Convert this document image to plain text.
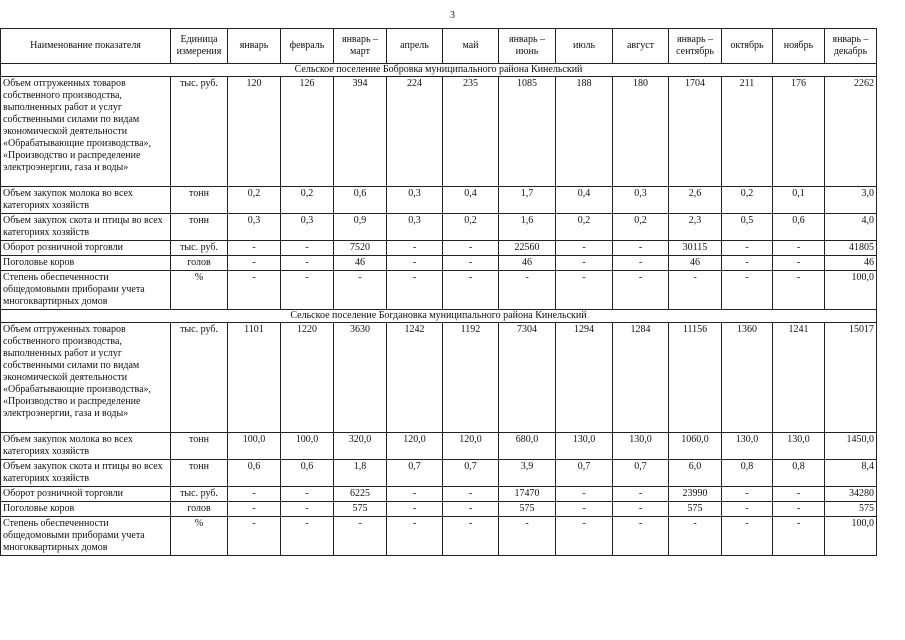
3
Наименование показателя	Единица измерения	январь	февраль	январь – март	апрель	май	январь – июнь	июль	август	январь – сентябрь	октябрь	ноябрь	январь – декабрь
Сельское поселение Бобровка муниципального района Кинельский													
Объем отгруженных товаров собственного производства, выполненных работ и услуг собственными силами по видам экономической деятельности «Обрабатывающие производства», «Производство и распределение электроэнергии, газа и воды»	тыс. руб.	120	126	394	224	235	1085	188	180	1704	211	176	2262
Объем закупок молока во всех категориях хозяйств	тонн	0,2	0,2	0,6	0,3	0,4	1,7	0,4	0,3	2,6	0,2	0,1	3,0
Объем закупок скота и птицы во всех категориях хозяйств	тонн	0,3	0,3	0,9	0,3	0,2	1,6	0,2	0,2	2,3	0,5	0,6	4,0
Оборот розничной торговли	тыс. руб.	-	-	7520	-	-	22560	-	-	30115	-	-	41805
Поголовье коров	голов	-	-	46	-	-	46	-	-	46	-	-	46
Степень обеспеченности общедомовыми приборами учета многоквартирных домов	%	-	-	-	-	-	-	-	-	-	-	-	100,0
Сельское поселение Богдановка муниципального района Кинельский													
Объем отгруженных товаров собственного производства, выполненных работ и услуг собственными силами по видам экономической деятельности «Обрабатывающие производства», «Производство и распределение электроэнергии, газа и воды»	тыс. руб.	1101	1220	3630	1242	1192	7304	1294	1284	11156	1360	1241	15017
Объем закупок молока во всех категориях хозяйств	тонн	100,0	100,0	320,0	120,0	120,0	680,0	130,0	130,0	1060,0	130,0	130,0	1450,0
Объем закупок скота и птицы во всех категориях хозяйств	тонн	0,6	0,6	1,8	0,7	0,7	3,9	0,7	0,7	6,0	0,8	0,8	8,4
Оборот розничной торговли	тыс. руб.	-	-	6225	-	-	17470	-	-	23990	-	-	34280
Поголовье коров	голов	-	-	575	-	-	575	-	-	575	-	-	575
Степень обеспеченности общедомовыми приборами учета многоквартирных домов	%	-	-	-	-	-	-	-	-	-	-	-	100,0
